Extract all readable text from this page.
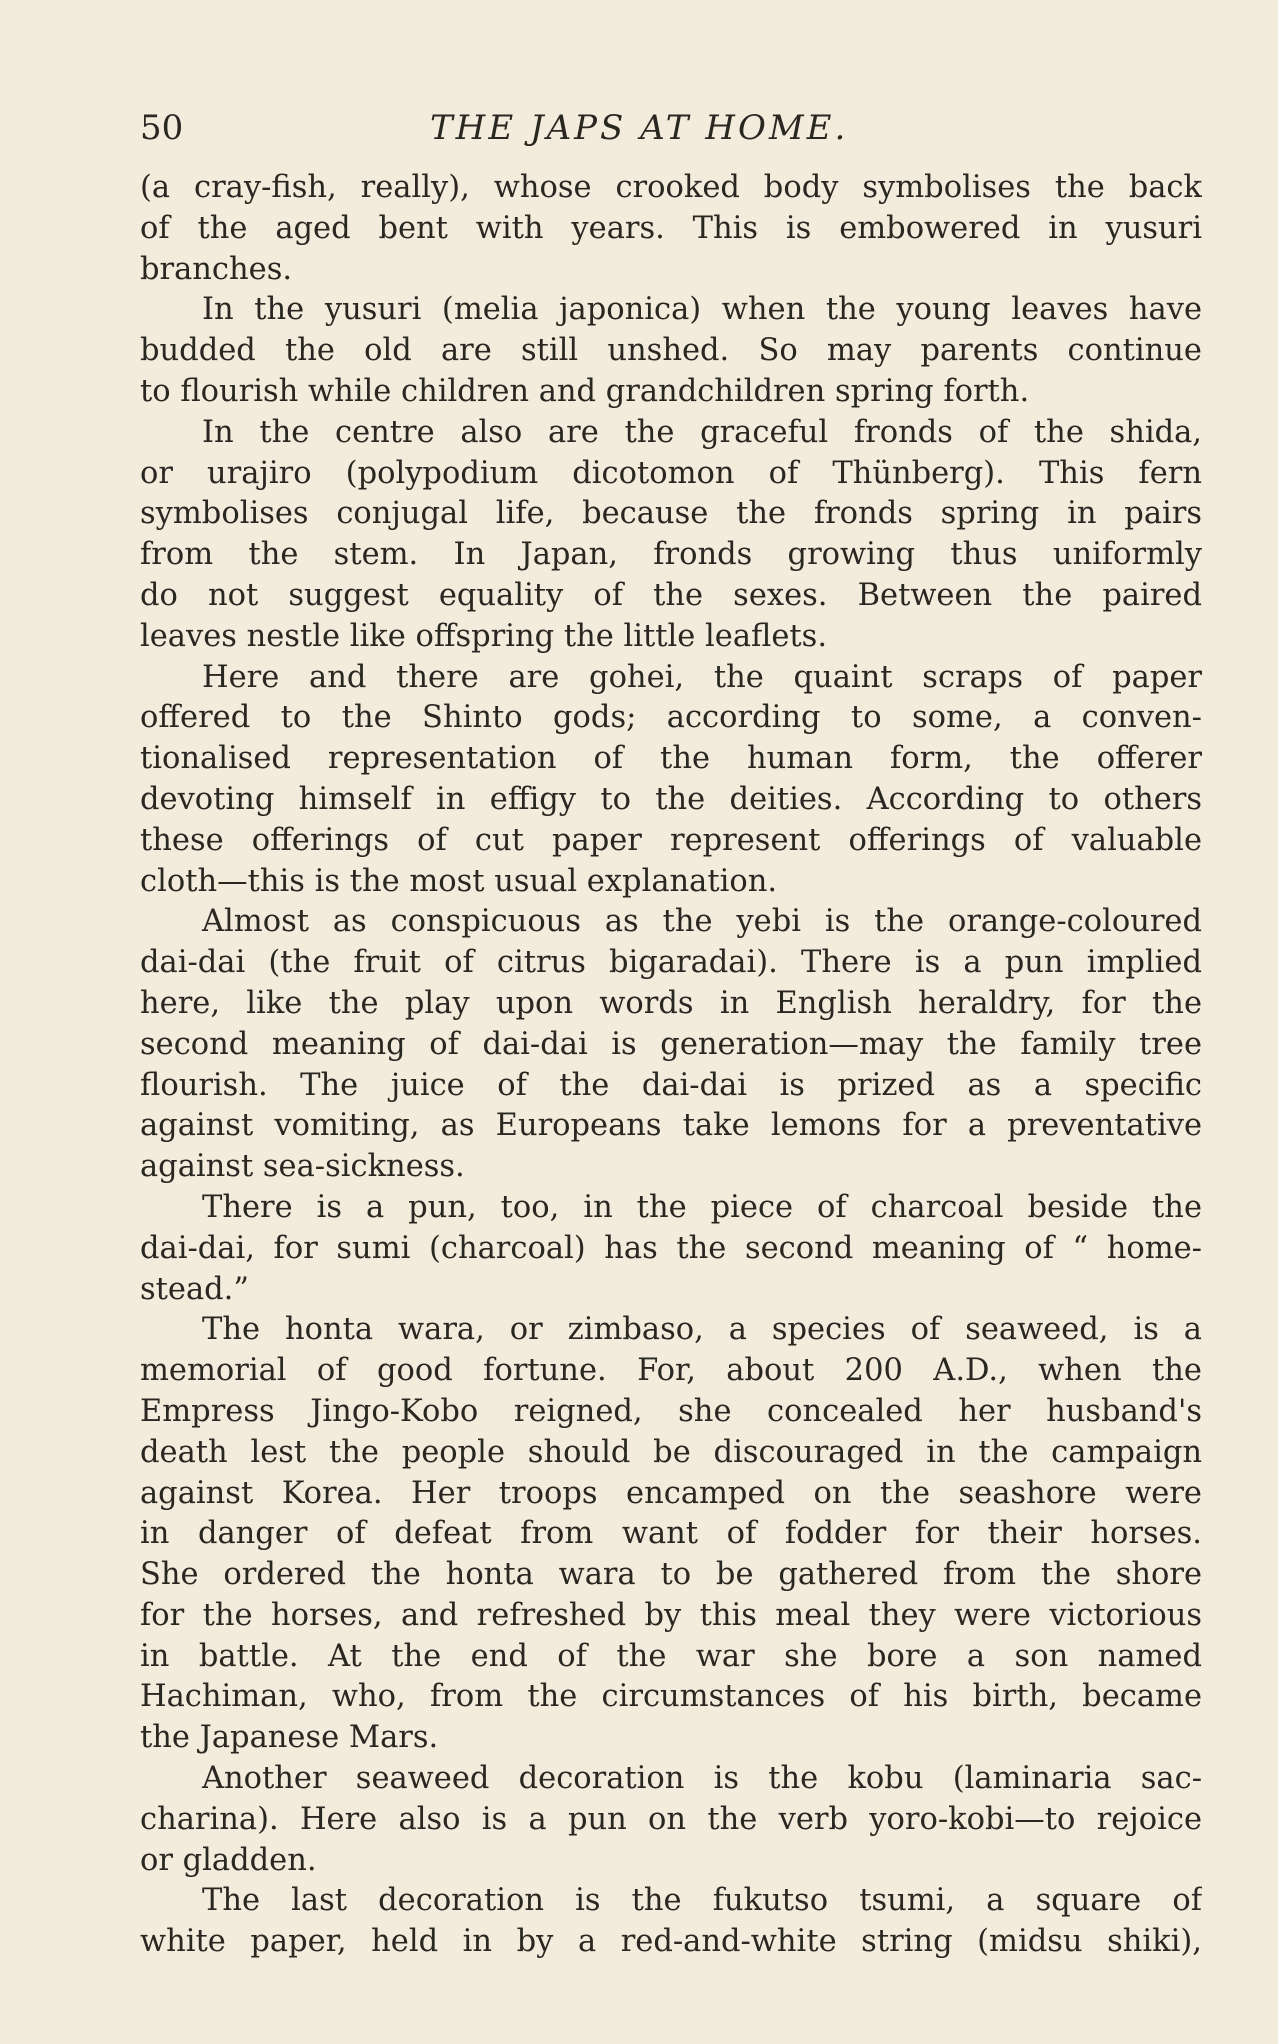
50	THE JAPS AT HOME.
(a cray-fish, really), whose crooked body symbolises the back
of the aged bent with years. This is embowered in yusuri
branches.
In the yusuri (melia japonica) when the young leaves have
budded the old are still unshed. So may parents continue
to flourish while children and grandchildren spring forth.
In the centre also are the graceful fronds of the shida,
or urajiro (polypodium dicotomon of Thünberg). This fern
symbolises conjugal life, because the fronds spring in pairs
from the stem. In Japan, fronds growing thus uniformly
do not suggest equality of the sexes. Between the paired
leaves nestle like offspring the little leaflets.
Here and there are gohei, the quaint scraps of paper
offered to the Shinto gods; according to some, a conven-
tionalised representation of the human form, the offerer
devoting himself in effigy to the deities. According to others
these offerings of cut paper represent offerings of valuable
cloth—this is the most usual explanation.
Almost as conspicuous as the yebi is the orange-coloured
dai-dai (the fruit of citrus bigaradai). There is a pun implied
here, like the play upon words in English heraldry, for the
second meaning of dai-dai is generation—may the family tree
flourish. The juice of the dai-dai is prized as a specific
against vomiting, as Europeans take lemons for a preventative
against sea-sickness.
There is a pun, too, in the piece of charcoal beside the
dai-dai, for sumi (charcoal) has the second meaning of “ home-
stead.”
The honta wara, or zimbaso, a species of seaweed, is a
memorial of good fortune. For, about 200 A.D., when the
Empress Jingo-Kobo reigned, she concealed her husband's
death lest the people should be discouraged in the campaign
against Korea. Her troops encamped on the seashore were
in danger of defeat from want of fodder for their horses.
She ordered the honta wara to be gathered from the shore
for the horses, and refreshed by this meal they were victorious
in battle. At the end of the war she bore a son named
Hachiman, who, from the circumstances of his birth, became
the Japanese Mars.
Another seaweed decoration is the kobu (laminaria sac-
charina). Here also is a pun on the verb yoro-kobi—to rejoice
or gladden.
The last decoration is the fukutso tsumi, a square of
white paper, held in by a red-and-white string (midsu shiki),
